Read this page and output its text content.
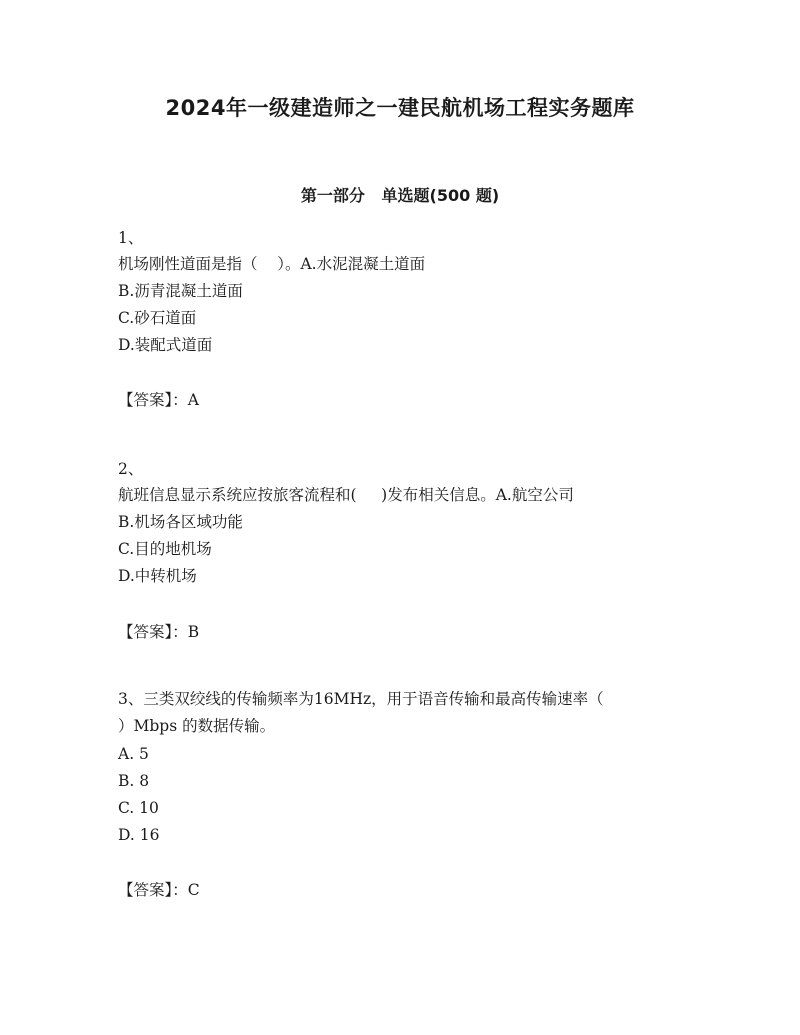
2024年一级建造师之一建民航机场工程实务题库
第一部分   单选题(500 题)
1、
机场刚性道面是指（    ）。A.水泥混凝土道面
B.沥青混凝土道面
C.砂石道面
D.装配式道面
【答案】：A
2、
航班信息显示系统应按旅客流程和(     )发布相关信息。A.航空公司
B.机场各区域功能
C.目的地机场
D.中转机场
【答案】：B
3、三类双绞线的传输频率为16MHz，用于语音传输和最高传输速率（
）Mbps 的数据传输。
A. 5
B. 8
C. 10
D. 16
【答案】：C
